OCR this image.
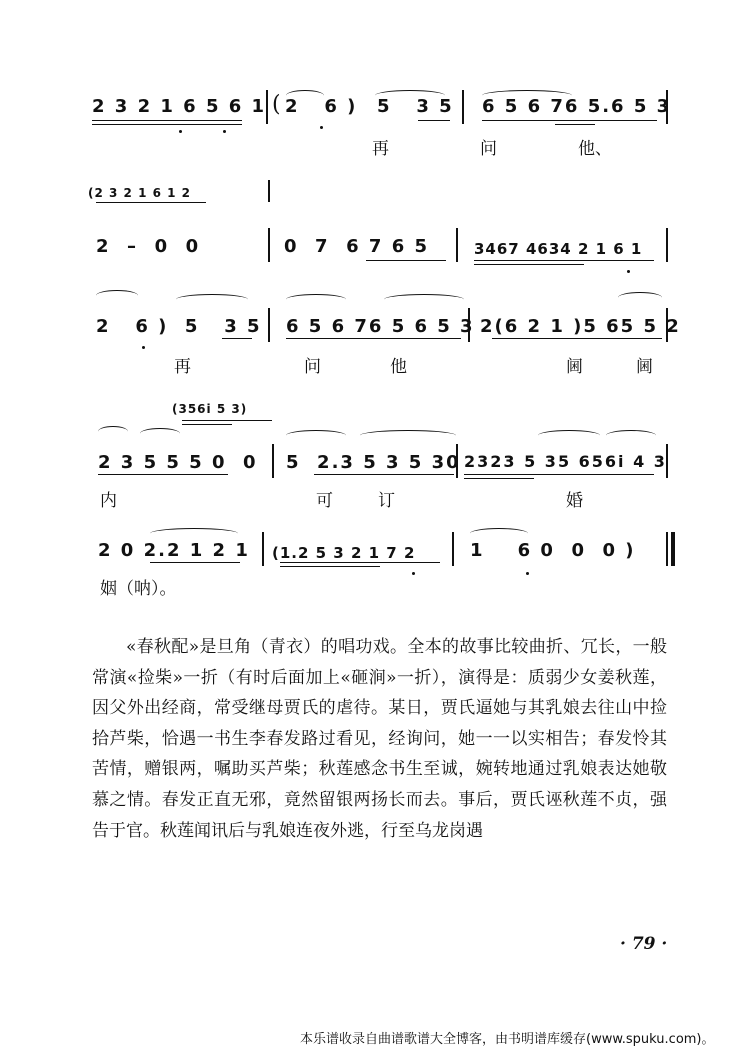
2 3 2 1 6 5 6 1 ( 2   6 ) 5   3 5 6 5 6 76 5.6 5 3
再	问	他、
(2 3 2 1 6 1 2
2  –  0  0	0  7  6 7 6 5	3467 4634 2 1 6 1
2   6 )  5   3 5 6 5 6 76 5 6 5 3 2(6 2 1 )5 65 5 2
再	问	他	阃	阃
(356i 5 3)
2 3 5 5 5 0  0 5  2.3 5 3 5 30 2323 5 35 656i 4 3
内	可	订	婚
2 0 2.2 1 2 1 (1.2 5 3 2 1 7 2	1    6 0  0  0 )
姻（呐）。

«春秋配»是旦角（青衣）的唱功戏。全本的故事比较曲折、冗长，一般常演«捡柴»一折（有时后面加上«砸涧»一折），演得是：质弱少女姜秋莲，因父外出经商，常受继母贾氏的虐待。某日，贾氏逼她与其乳娘去往山中捡拾芦柴，恰遇一书生李春发路过看见，经询问，她一一以实相告；春发怜其苦情，赠银两，嘱助买芦柴；秋莲感念书生至诚，婉转地通过乳娘表达她敬慕之情。春发正直无邪，竟然留银两扬长而去。事后，贾氏诬秋莲不贞，强告于官。秋莲闻讯后与乳娘连夜外逃，行至乌龙岗遇

· 79 ·
本乐谱收录自曲谱歌谱大全博客，由书明谱库缓存(www.spuku.com)。
